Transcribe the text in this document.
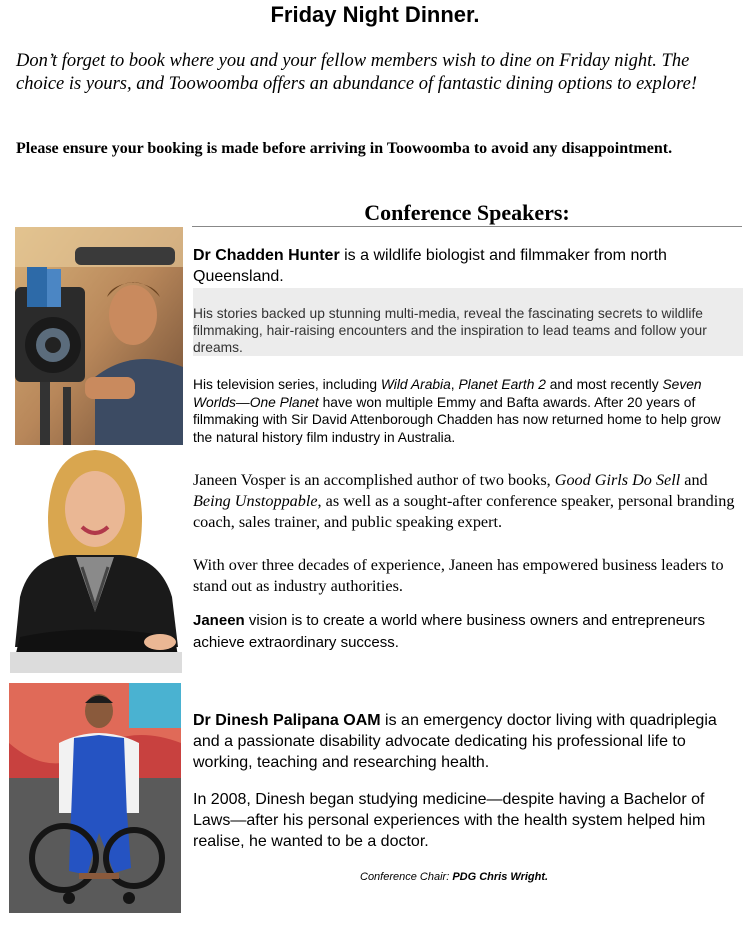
Friday Night Dinner.

Don’t forget to book where you and your fellow members wish to dine on Friday night. The choice is yours, and Toowoomba offers an abundance of fantastic dining options to explore!

Please ensure your booking is made before arriving in Toowoomba to avoid any disappointment.

Conference Speakers:

Dr Chadden Hunter is a wildlife biologist and filmmaker from north Queensland.

His stories backed up stunning multi-media, reveal the fascinating secrets to wildlife filmmaking, hair-raising encounters and the inspiration to lead teams and follow your dreams.

His television series, including Wild Arabia, Planet Earth 2 and most recently Seven Worlds—One Planet have won multiple Emmy and Bafta awards. After 20 years of filmmaking with Sir David Attenborough Chadden has now returned home to help grow the natural history film industry in Australia.

Janeen Vosper is an accomplished author of two books, Good Girls Do Sell and Being Unstoppable, as well as a sought-after conference speaker, personal branding coach, sales trainer, and public speaking expert.

With over three decades of experience, Janeen has empowered business leaders to stand out as industry authorities.

Janeen vision is to create a world where business owners and entrepreneurs achieve extraordinary success.

Dr Dinesh Palipana OAM is an emergency doctor living with quadriplegia and a passionate disability advocate dedicating his professional life to working, teaching and researching health.

In 2008, Dinesh began studying medicine—despite having a Bachelor of Laws—after his personal experiences with the health system helped him realise, he wanted to be a doctor.

Conference Chair: PDG Chris Wright.
